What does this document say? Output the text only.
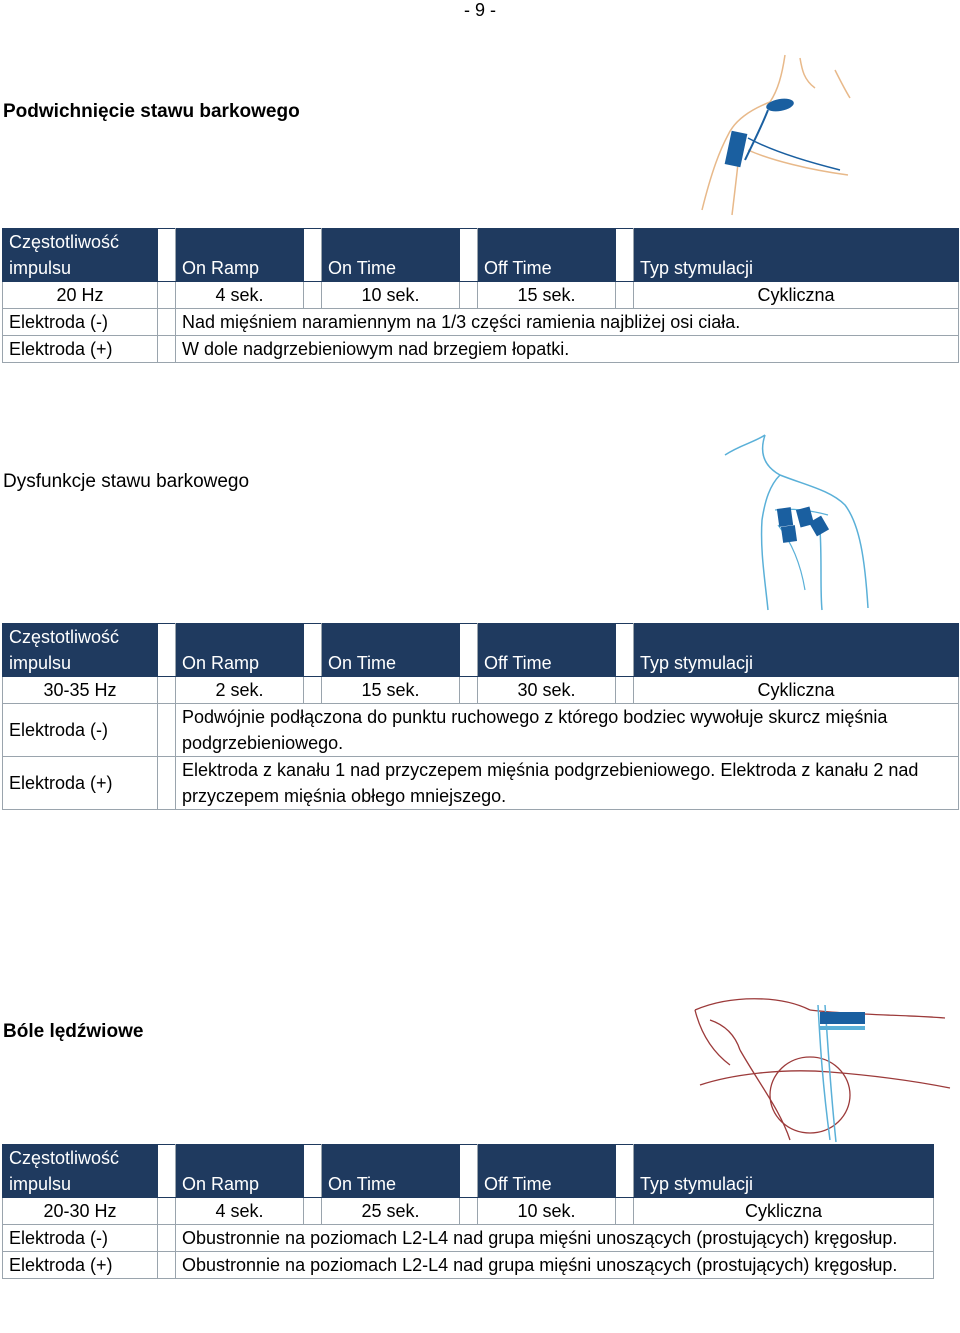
- 9 -
Podwichnięcie stawu barkowego
Częstotliwość impulsu		On Ramp		On Time		Off Time		Typ stymulacji
20 Hz		4 sek.		10 sek.		15 sek.		Cykliczna
Elektroda (-)		Nad mięśniem naramiennym na 1/3 części ramienia najbliżej osi ciała.						
Elektroda (+)		W dole nadgrzebieniowym nad brzegiem łopatki.						
Dysfunkcje stawu barkowego
Częstotliwość impulsu		On Ramp		On Time		Off Time		Typ stymulacji
30-35 Hz		2 sek.		15 sek.		30 sek.		Cykliczna
Elektroda (-)		Podwójnie podłączona do punktu ruchowego z którego bodziec wywołuje skurcz mięśnia podgrzebieniowego.						
Elektroda (+)		Elektroda z kanału 1 nad przyczepem mięśnia podgrzebieniowego. Elektroda z kanału 2 nad przyczepem mięśnia obłego mniejszego.						
Bóle lędźwiowe
Częstotliwość impulsu		On Ramp		On Time		Off Time		Typ stymulacji
20-30 Hz		4 sek.		25 sek.		10 sek.		Cykliczna
Elektroda (-)		Obustronnie na poziomach L2-L4 nad grupa mięśni unoszących (prostujących) kręgosłup.						
Elektroda (+)		Obustronnie na poziomach L2-L4 nad grupa mięśni unoszących (prostujących) kręgosłup.						
